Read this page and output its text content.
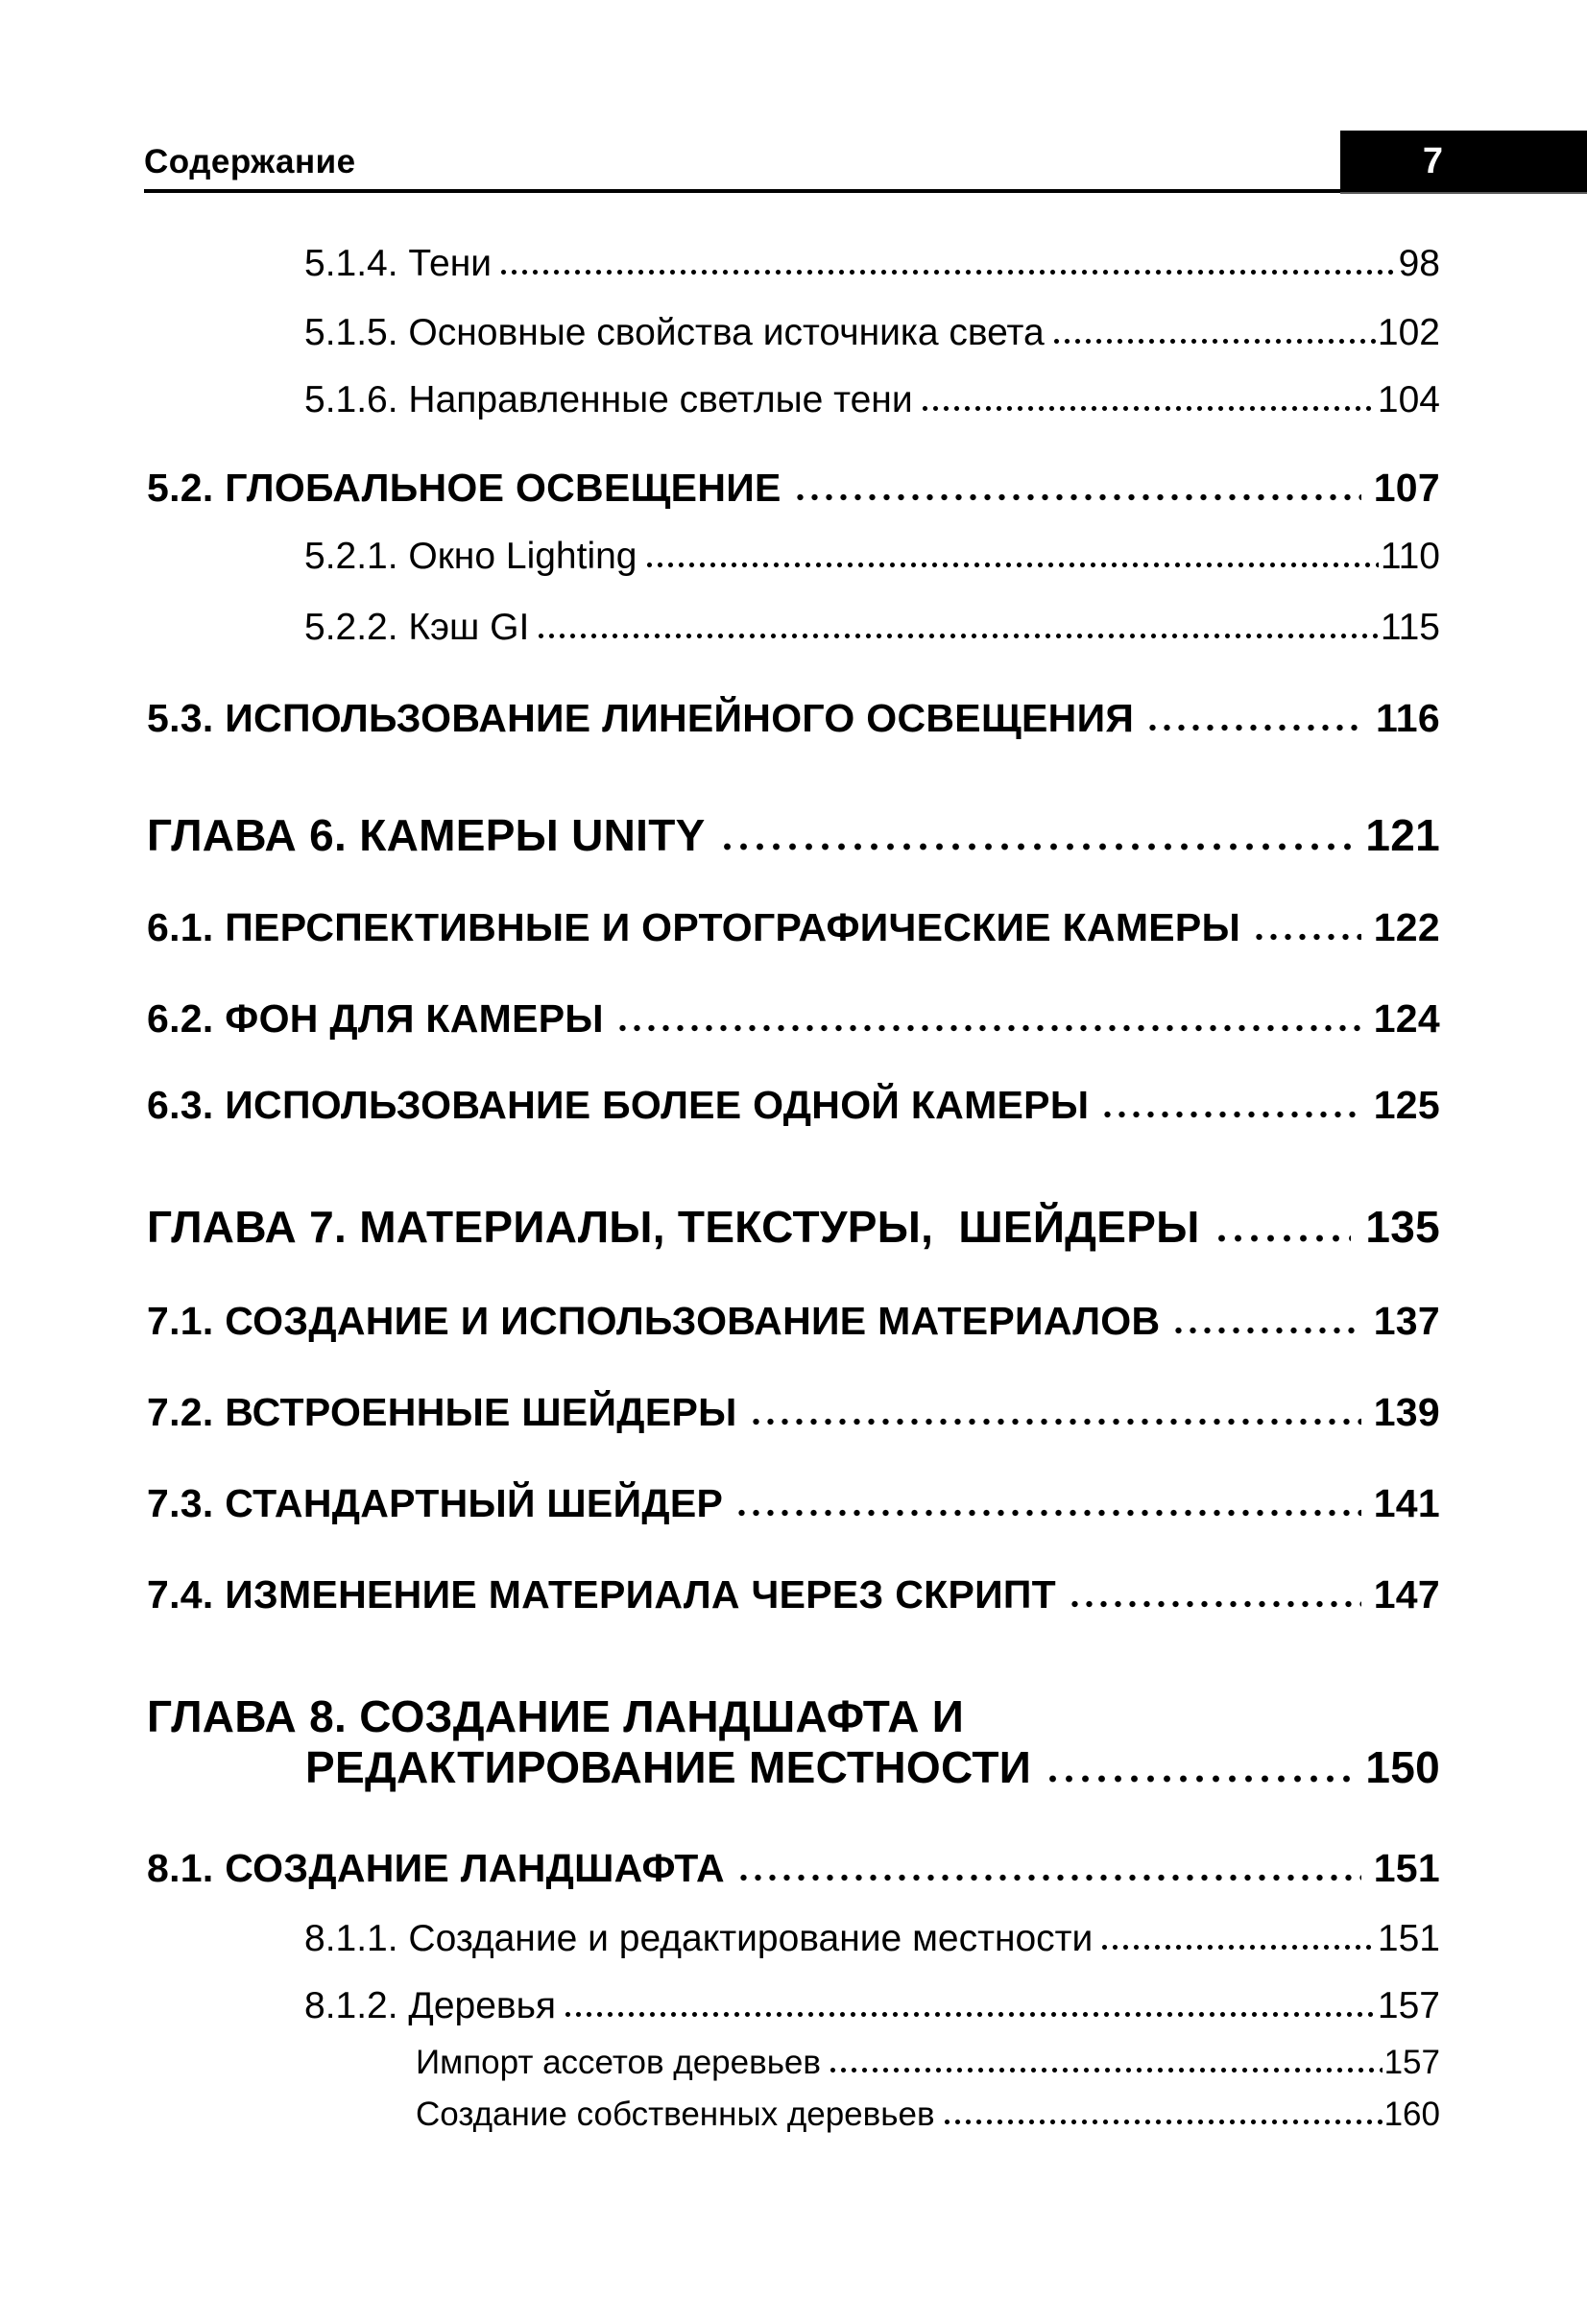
Содержание	7
5.1.4. Тени	98
5.1.5. Основные свойства источника света	102
5.1.6. Направленные светлые тени	104
5.2. ГЛОБАЛЬНОЕ ОСВЕЩЕНИЕ	107
5.2.1. Окно Lighting	110
5.2.2. Кэш GI	115
5.3. ИСПОЛЬЗОВАНИЕ ЛИНЕЙНОГО ОСВЕЩЕНИЯ	116
ГЛАВА 6. КАМЕРЫ UNITY	121
6.1. ПЕРСПЕКТИВНЫЕ И ОРТОГРАФИЧЕСКИЕ КАМЕРЫ	122
6.2. ФОН ДЛЯ КАМЕРЫ	124
6.3. ИСПОЛЬЗОВАНИЕ БОЛЕЕ ОДНОЙ КАМЕРЫ	125
ГЛАВА 7. МАТЕРИАЛЫ, ТЕКСТУРЫ,  ШЕЙДЕРЫ	135
7.1. СОЗДАНИЕ И ИСПОЛЬЗОВАНИЕ МАТЕРИАЛОВ	137
7.2. ВСТРОЕННЫЕ ШЕЙДЕРЫ	139
7.3. СТАНДАРТНЫЙ ШЕЙДЕР	141
7.4. ИЗМЕНЕНИЕ МАТЕРИАЛА ЧЕРЕЗ СКРИПТ	147
ГЛАВА 8. СОЗДАНИЕ ЛАНДШАФТА И
РЕДАКТИРОВАНИЕ МЕСТНОСТИ	150
8.1. СОЗДАНИЕ ЛАНДШАФТА	151
8.1.1. Создание и редактирование местности	151
8.1.2. Деревья	157
Импорт ассетов деревьев	157
Создание собственных деревьев	160
